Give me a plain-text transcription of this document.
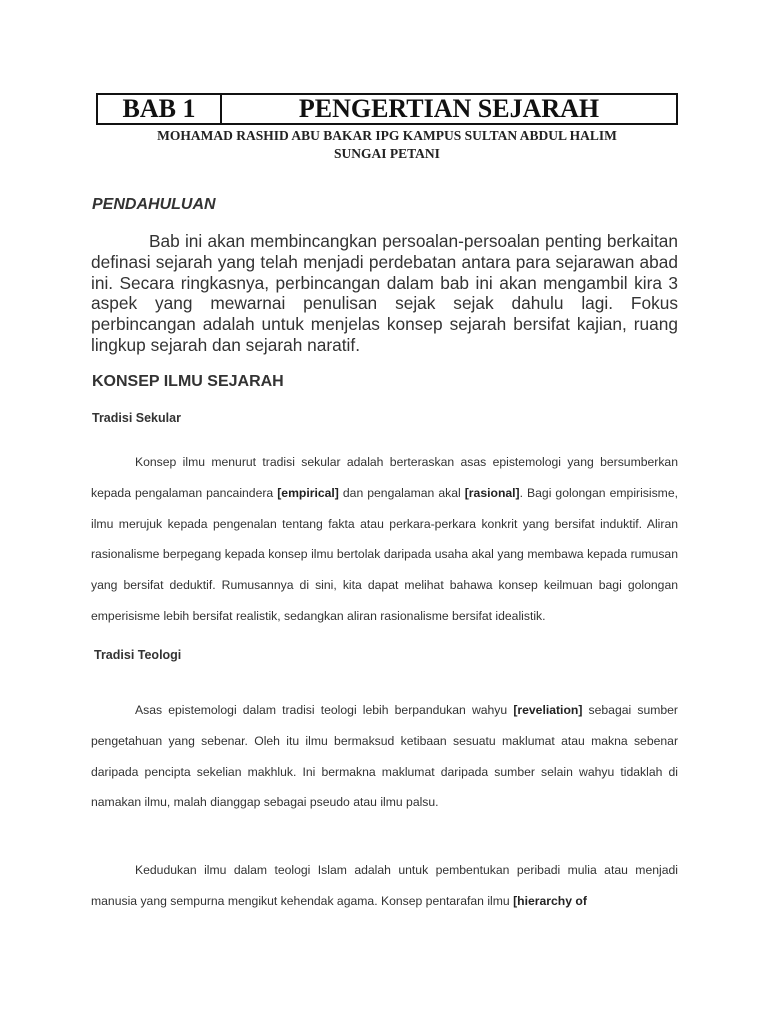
BAB 1	PENGERTIAN SEJARAH
MOHAMAD RASHID ABU BAKAR IPG KAMPUS SULTAN ABDUL HALIM
SUNGAI PETANI
PENDAHULUAN
Bab ini akan membincangkan persoalan-persoalan penting berkaitan definasi sejarah yang telah menjadi perdebatan antara para sejarawan abad ini. Secara ringkasnya, perbincangan dalam bab ini akan mengambil kira 3 aspek yang mewarnai penulisan sejak sejak dahulu lagi. Fokus perbincangan adalah untuk menjelas konsep sejarah bersifat kajian, ruang lingkup sejarah dan sejarah naratif.
KONSEP ILMU SEJARAH
Tradisi Sekular
Konsep ilmu menurut tradisi sekular adalah berteraskan asas epistemologi yang bersumberkan kepada pengalaman pancaindera [empirical] dan pengalaman akal [rasional]. Bagi golongan empirisisme, ilmu merujuk kepada pengenalan tentang fakta atau perkara-perkara konkrit yang bersifat induktif. Aliran rasionalisme berpegang kepada konsep ilmu bertolak daripada usaha akal yang membawa kepada rumusan yang bersifat deduktif. Rumusannya di sini, kita dapat melihat bahawa konsep keilmuan bagi golongan emperisisme lebih bersifat realistik, sedangkan aliran rasionalisme bersifat idealistik.
Tradisi Teologi
Asas epistemologi dalam tradisi teologi lebih berpandukan wahyu [reveliation] sebagai sumber pengetahuan yang sebenar. Oleh itu ilmu bermaksud ketibaan sesuatu maklumat atau makna sebenar daripada pencipta sekelian makhluk. Ini bermakna maklumat daripada sumber selain wahyu tidaklah di namakan ilmu, malah dianggap sebagai pseudo atau ilmu palsu.
Kedudukan ilmu dalam teologi Islam adalah untuk pembentukan peribadi mulia atau menjadi manusia yang sempurna mengikut kehendak agama. Konsep pentarafan ilmu [hierarchy of
